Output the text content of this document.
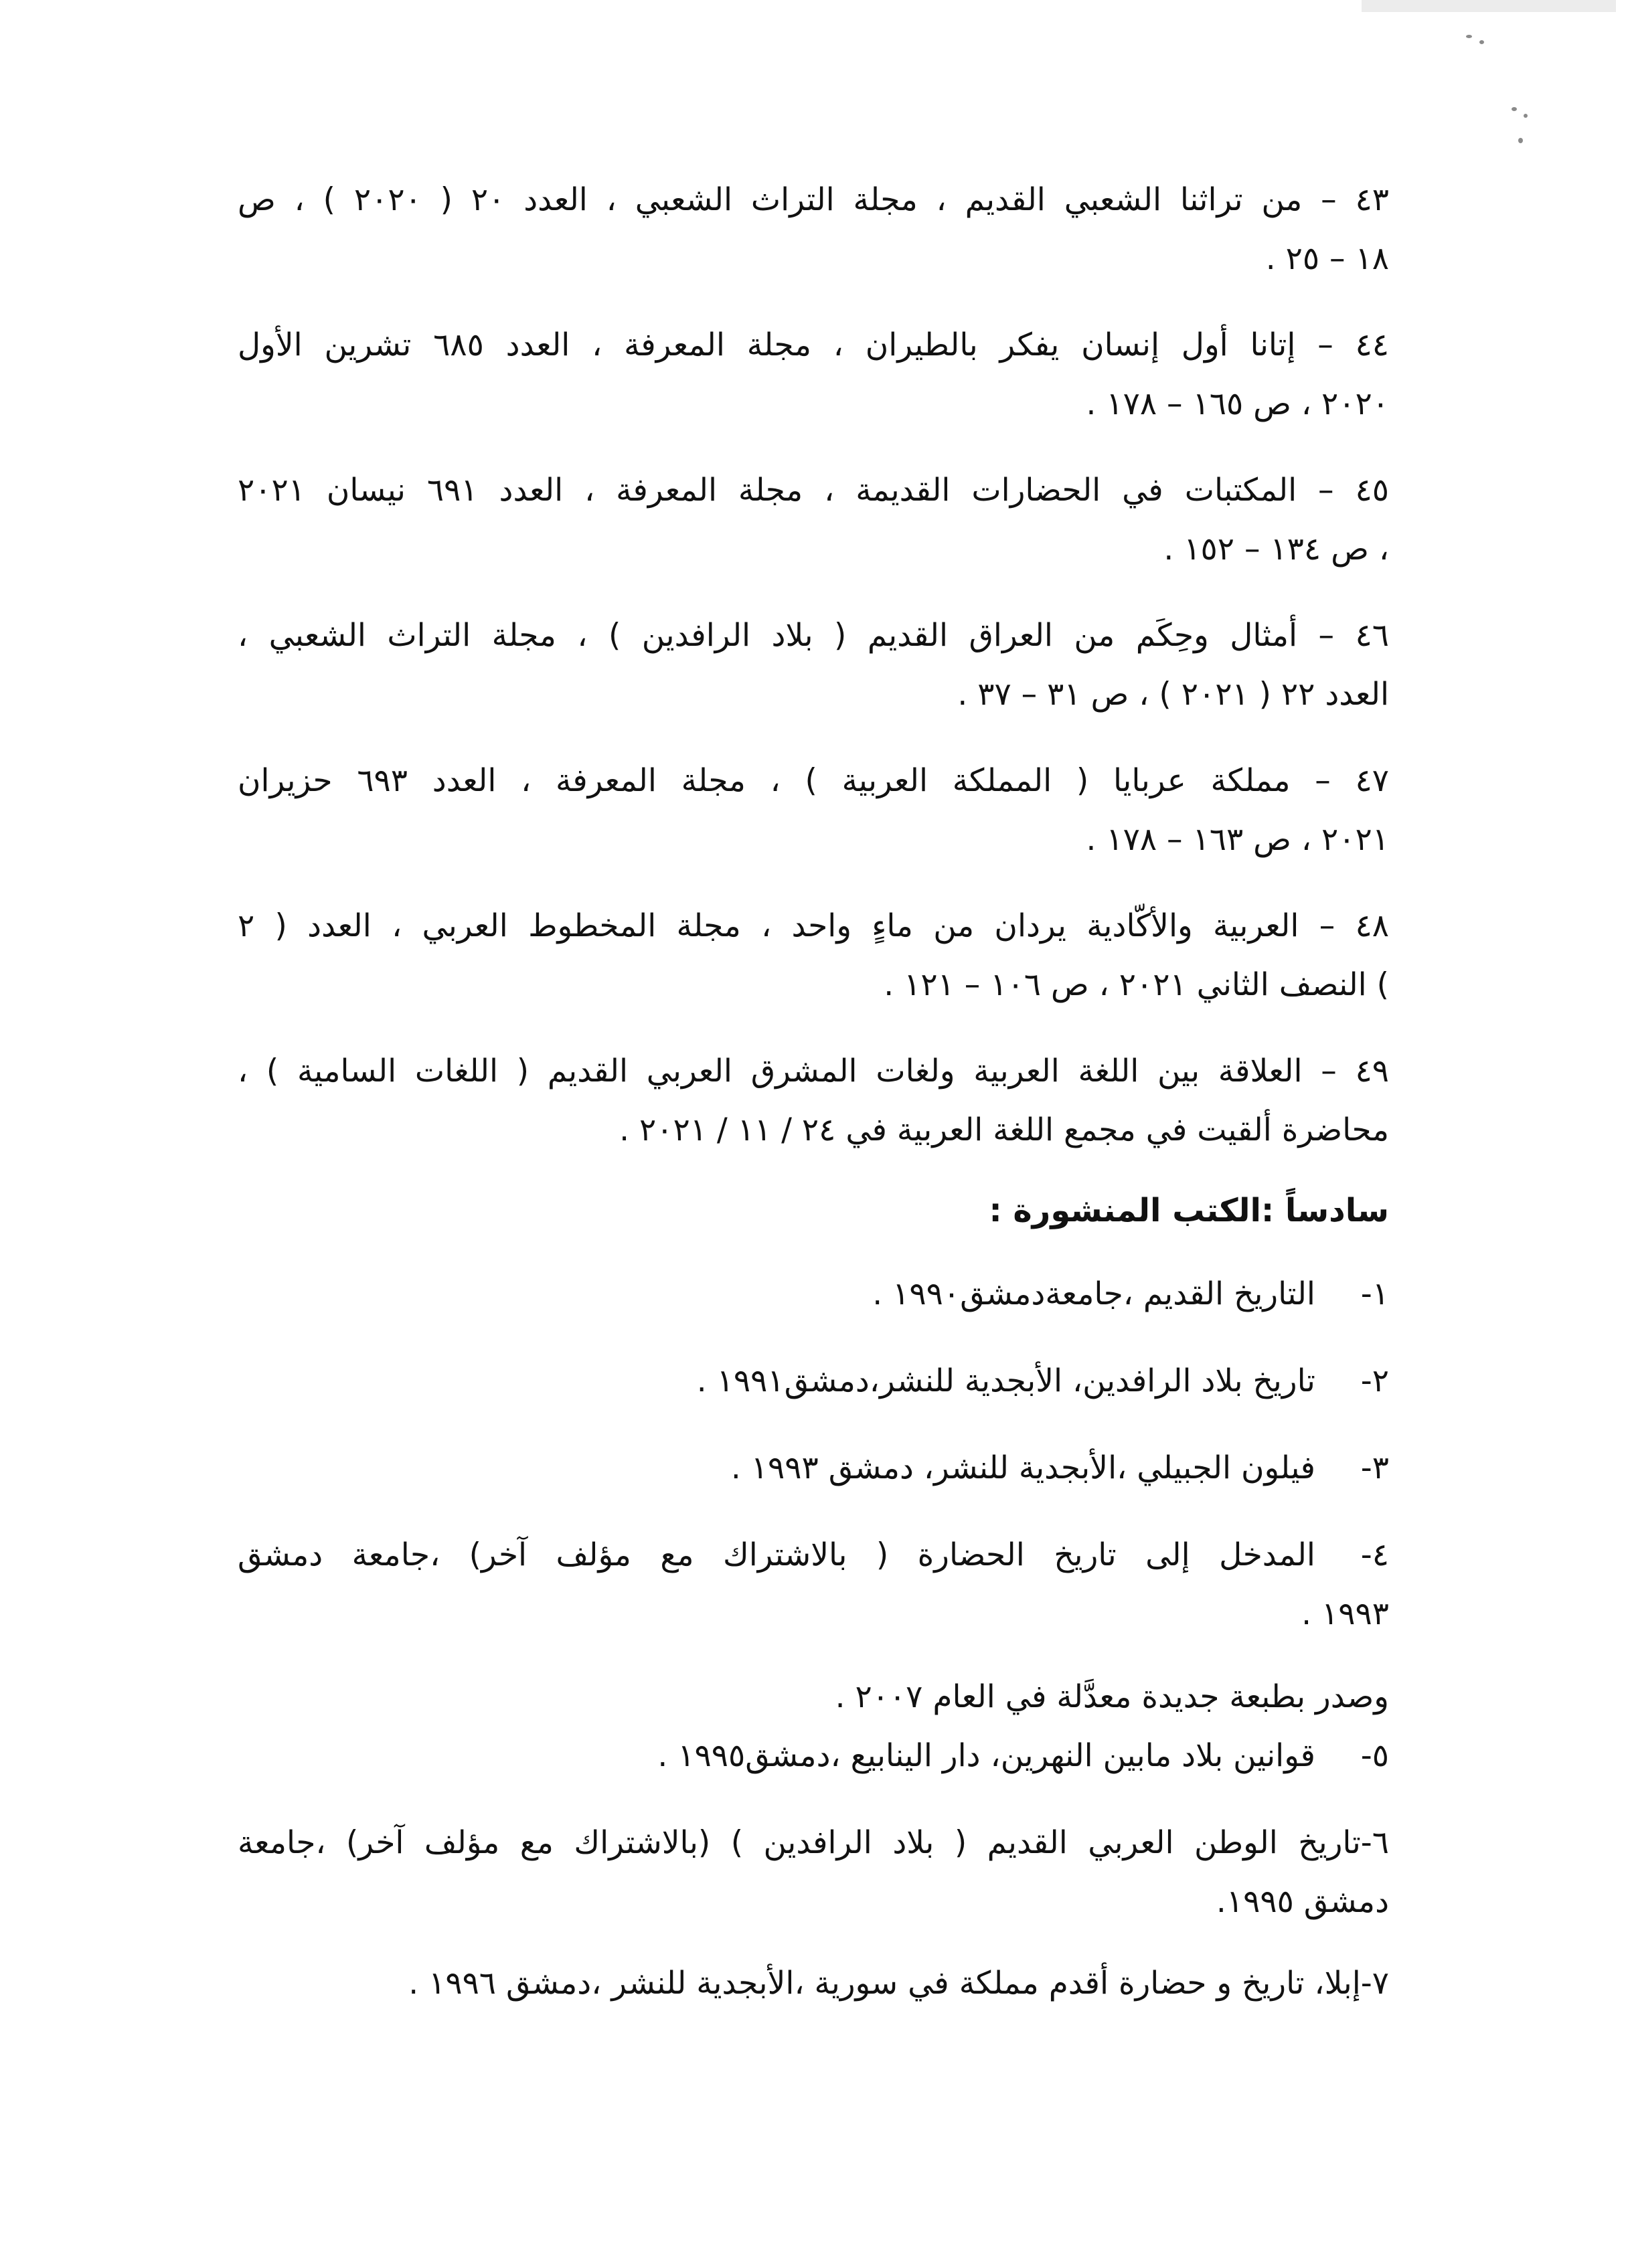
٤٣ – من تراثنا الشعبي القديم ، مجلة التراث الشعبي ، العدد ٢٠ ( ٢٠٢٠ ) ، ص
١٨ – ٢٥ .
٤٤ – إتانا أول إنسان يفكر بالطيران ، مجلة المعرفة ، العدد ٦٨٥ تشرين الأول
٢٠٢٠ ، ص ١٦٥ – ١٧٨ .
٤٥ – المكتبات في الحضارات القديمة ، مجلة المعرفة ، العدد ٦٩١ نيسان ٢٠٢١
، ص ١٣٤ – ١٥٢ .
٤٦ – أمثال وحِكَم من العراق القديم ( بلاد الرافدين ) ، مجلة التراث الشعبي ،
العدد ٢٢ ( ٢٠٢١ ) ، ص ٣١ – ٣٧ .
٤٧ – مملكة عربايا ( المملكة العربية ) ، مجلة المعرفة ، العدد ٦٩٣ حزيران
٢٠٢١ ، ص ١٦٣ – ١٧٨ .
٤٨ – العربية والأكّادية يردان من ماءٍ واحد ، مجلة المخطوط العربي ، العدد ( ٢
) النصف الثاني ٢٠٢١ ، ص ١٠٦ – ١٢١ .
٤٩ – العلاقة بين اللغة العربية ولغات المشرق العربي القديم ( اللغات السامية ) ،
محاضرة ألقيت في مجمع اللغة العربية في ٢٤ / ١١ / ٢٠٢١ .
سادساً :الكتب المنشورة :
١-التاريخ القديم ،جامعةدمشق١٩٩٠ .
٢-تاريخ بلاد الرافدين، الأبجدية للنشر،دمشق١٩٩١ .
٣-فيلون الجبيلي ،الأبجدية للنشر، دمشق ١٩٩٣ .
٤-المدخل إلى تاريخ الحضارة ( بالاشتراك مع مؤلف آخر) ،جامعة دمشق
١٩٩٣ .
وصدر بطبعة جديدة معدَّلة في العام ٢٠٠٧ .
٥-قوانين بلاد مابين النهرين، دار الينابيع ،دمشق١٩٩٥ .
٦-تاريخ الوطن العربي القديم ( بلاد الرافدين ) (بالاشتراك مع مؤلف آخر) ،جامعة
دمشق ١٩٩٥.
٧-إبلا، تاريخ و حضارة أقدم مملكة في سورية ،الأبجدية للنشر ،دمشق ١٩٩٦ .
